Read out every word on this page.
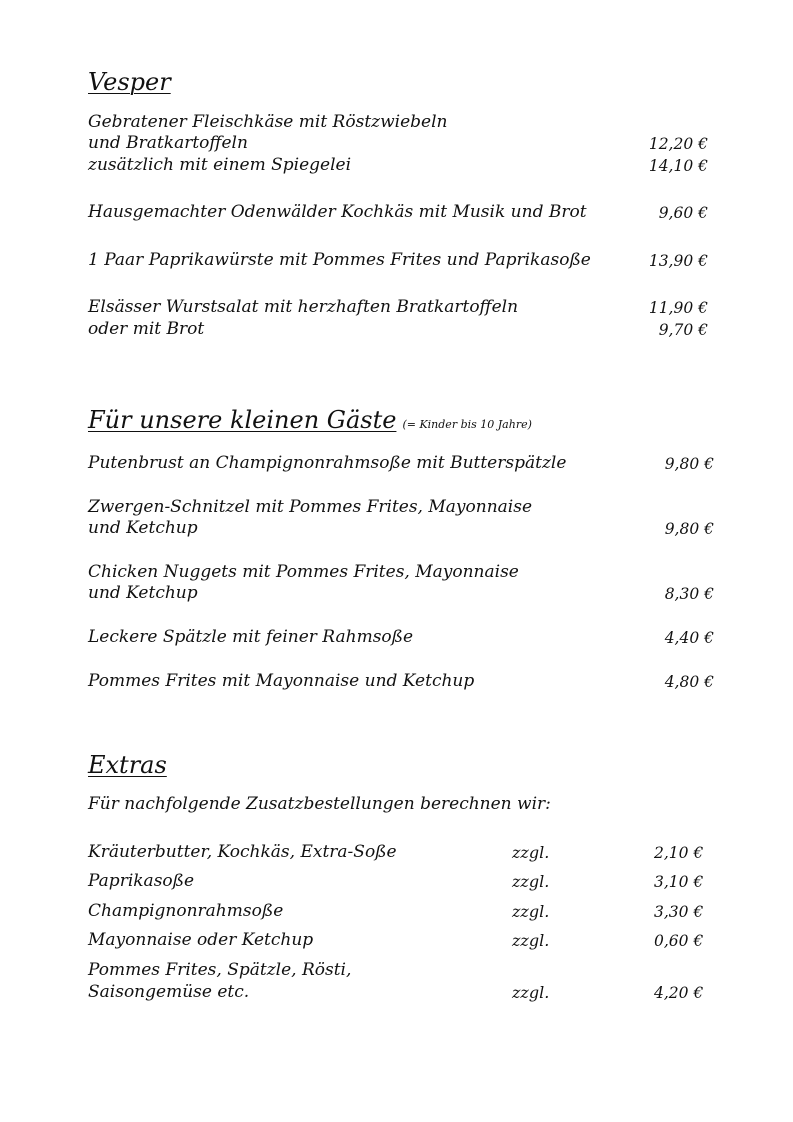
Vesper
Gebratener Fleischkäse mit Röstzwiebeln
und Bratkartoffeln	12,20 €
zusätzlich mit einem Spiegelei	14,10 €
Hausgemachter Odenwälder Kochkäs mit Musik und Brot	9,60 €
1 Paar Paprikawürste mit Pommes Frites und Paprikasoße	13,90 €
Elsässer Wurstsalat mit herzhaften Bratkartoffeln	11,90 €
oder mit Brot	9,70 €
Für unsere kleinen Gäste (= Kinder bis 10 Jahre)
Putenbrust an Champignonrahmsoße mit Butterspätzle	9,80 €
Zwergen-Schnitzel mit Pommes Frites, Mayonnaise
und Ketchup	9,80 €
Chicken Nuggets mit Pommes Frites, Mayonnaise
und Ketchup	8,30 €
Leckere Spätzle mit feiner Rahmsoße	4,40 €
Pommes Frites mit Mayonnaise und Ketchup	4,80 €
Extras
Für nachfolgende Zusatzbestellungen berechnen wir:
Kräuterbutter, Kochkäs, Extra-Soße	zzgl.	2,10 €
Paprikasoße	zzgl.	3,10 €
Champignonrahmsoße	zzgl.	3,30 €
Mayonnaise oder Ketchup	zzgl.	0,60 €
Pommes Frites, Spätzle, Rösti,
Saisongemüse etc.	zzgl.	4,20 €
